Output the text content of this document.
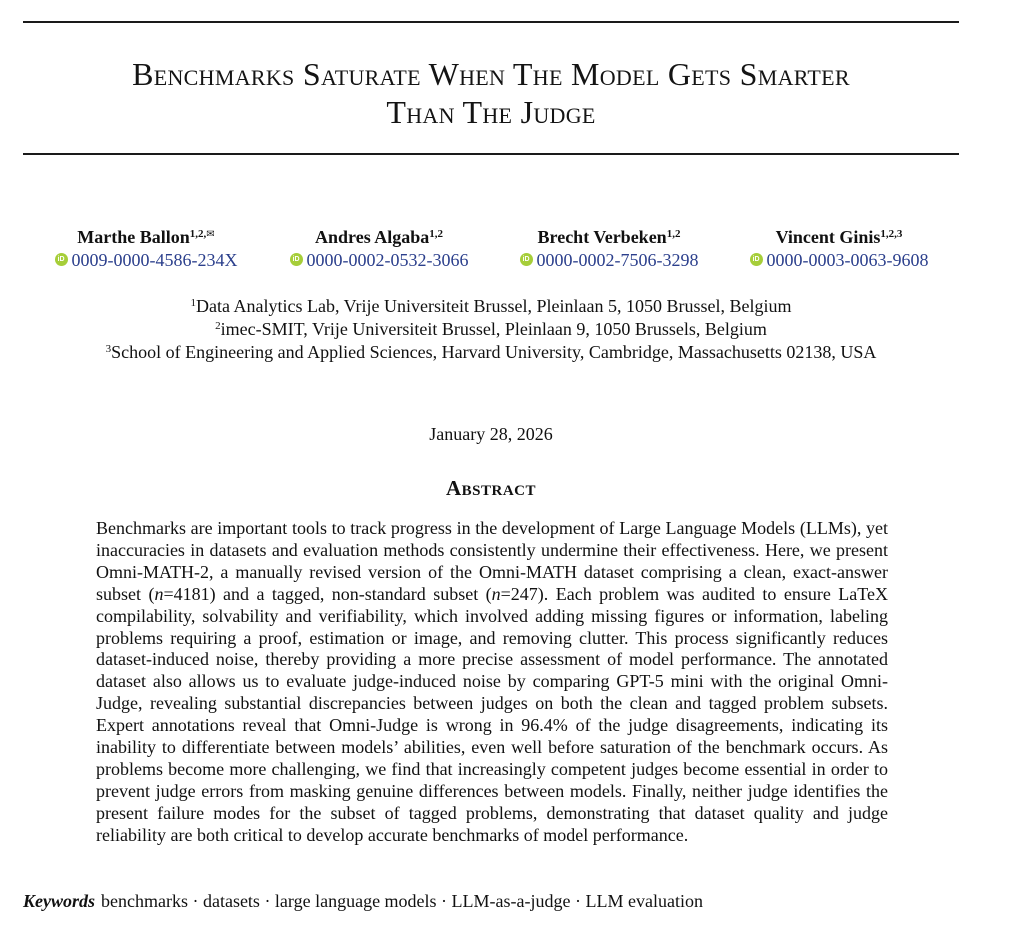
Benchmarks Saturate When The Model Gets Smarter
Than The Judge
Marthe Ballon$^{1,2,✉}$
iD 0009-0000-4586-234X
Andres Algaba$^{1,2}$
iD 0000-0002-0532-3066
Brecht Verbeken$^{1,2}$
iD 0000-0002-7506-3298
Vincent Ginis$^{1,2,3}$
iD 0000-0003-0063-9608
$^1$Data Analytics Lab, Vrije Universiteit Brussel, Pleinlaan 5, 1050 Brussel, Belgium
$^2$imec-SMIT, Vrije Universiteit Brussel, Pleinlaan 9, 1050 Brussels, Belgium
$^3$School of Engineering and Applied Sciences, Harvard University, Cambridge, Massachusetts 02138, USA
January 28, 2026
Abstract

Benchmarks are important tools to track progress in the development of Large Language Models (LLMs), yet inaccuracies in datasets and evaluation methods consistently undermine their effectiveness. Here, we present Omni-MATH-2, a manually revised version of the Omni-MATH dataset comprising a clean, exact-answer subset (n=4181) and a tagged, non-standard subset (n=247). Each problem was audited to ensure LaTeX compilability, solvability and verifiability, which involved adding missing figures or information, labeling problems requiring a proof, estimation or image, and removing clutter. This process significantly reduces dataset-induced noise, thereby providing a more precise assessment of model performance. The annotated dataset also allows us to evaluate judge-induced noise by comparing GPT-5 mini with the original Omni-Judge, revealing substantial discrepancies between judges on both the clean and tagged problem subsets. Expert annotations reveal that Omni-Judge is wrong in 96.4% of the judge disagreements, indicating its inability to differentiate between models’ abilities, even well before saturation of the benchmark occurs. As problems become more challenging, we find that increasingly competent judges become essential in order to prevent judge errors from masking genuine differences between models. Finally, neither judge identifies the present failure modes for the subset of tagged problems, demonstrating that dataset quality and judge reliability are both critical to develop accurate benchmarks of model performance.

Keywords benchmarks · datasets · large language models · LLM-as-a-judge · LLM evaluation
